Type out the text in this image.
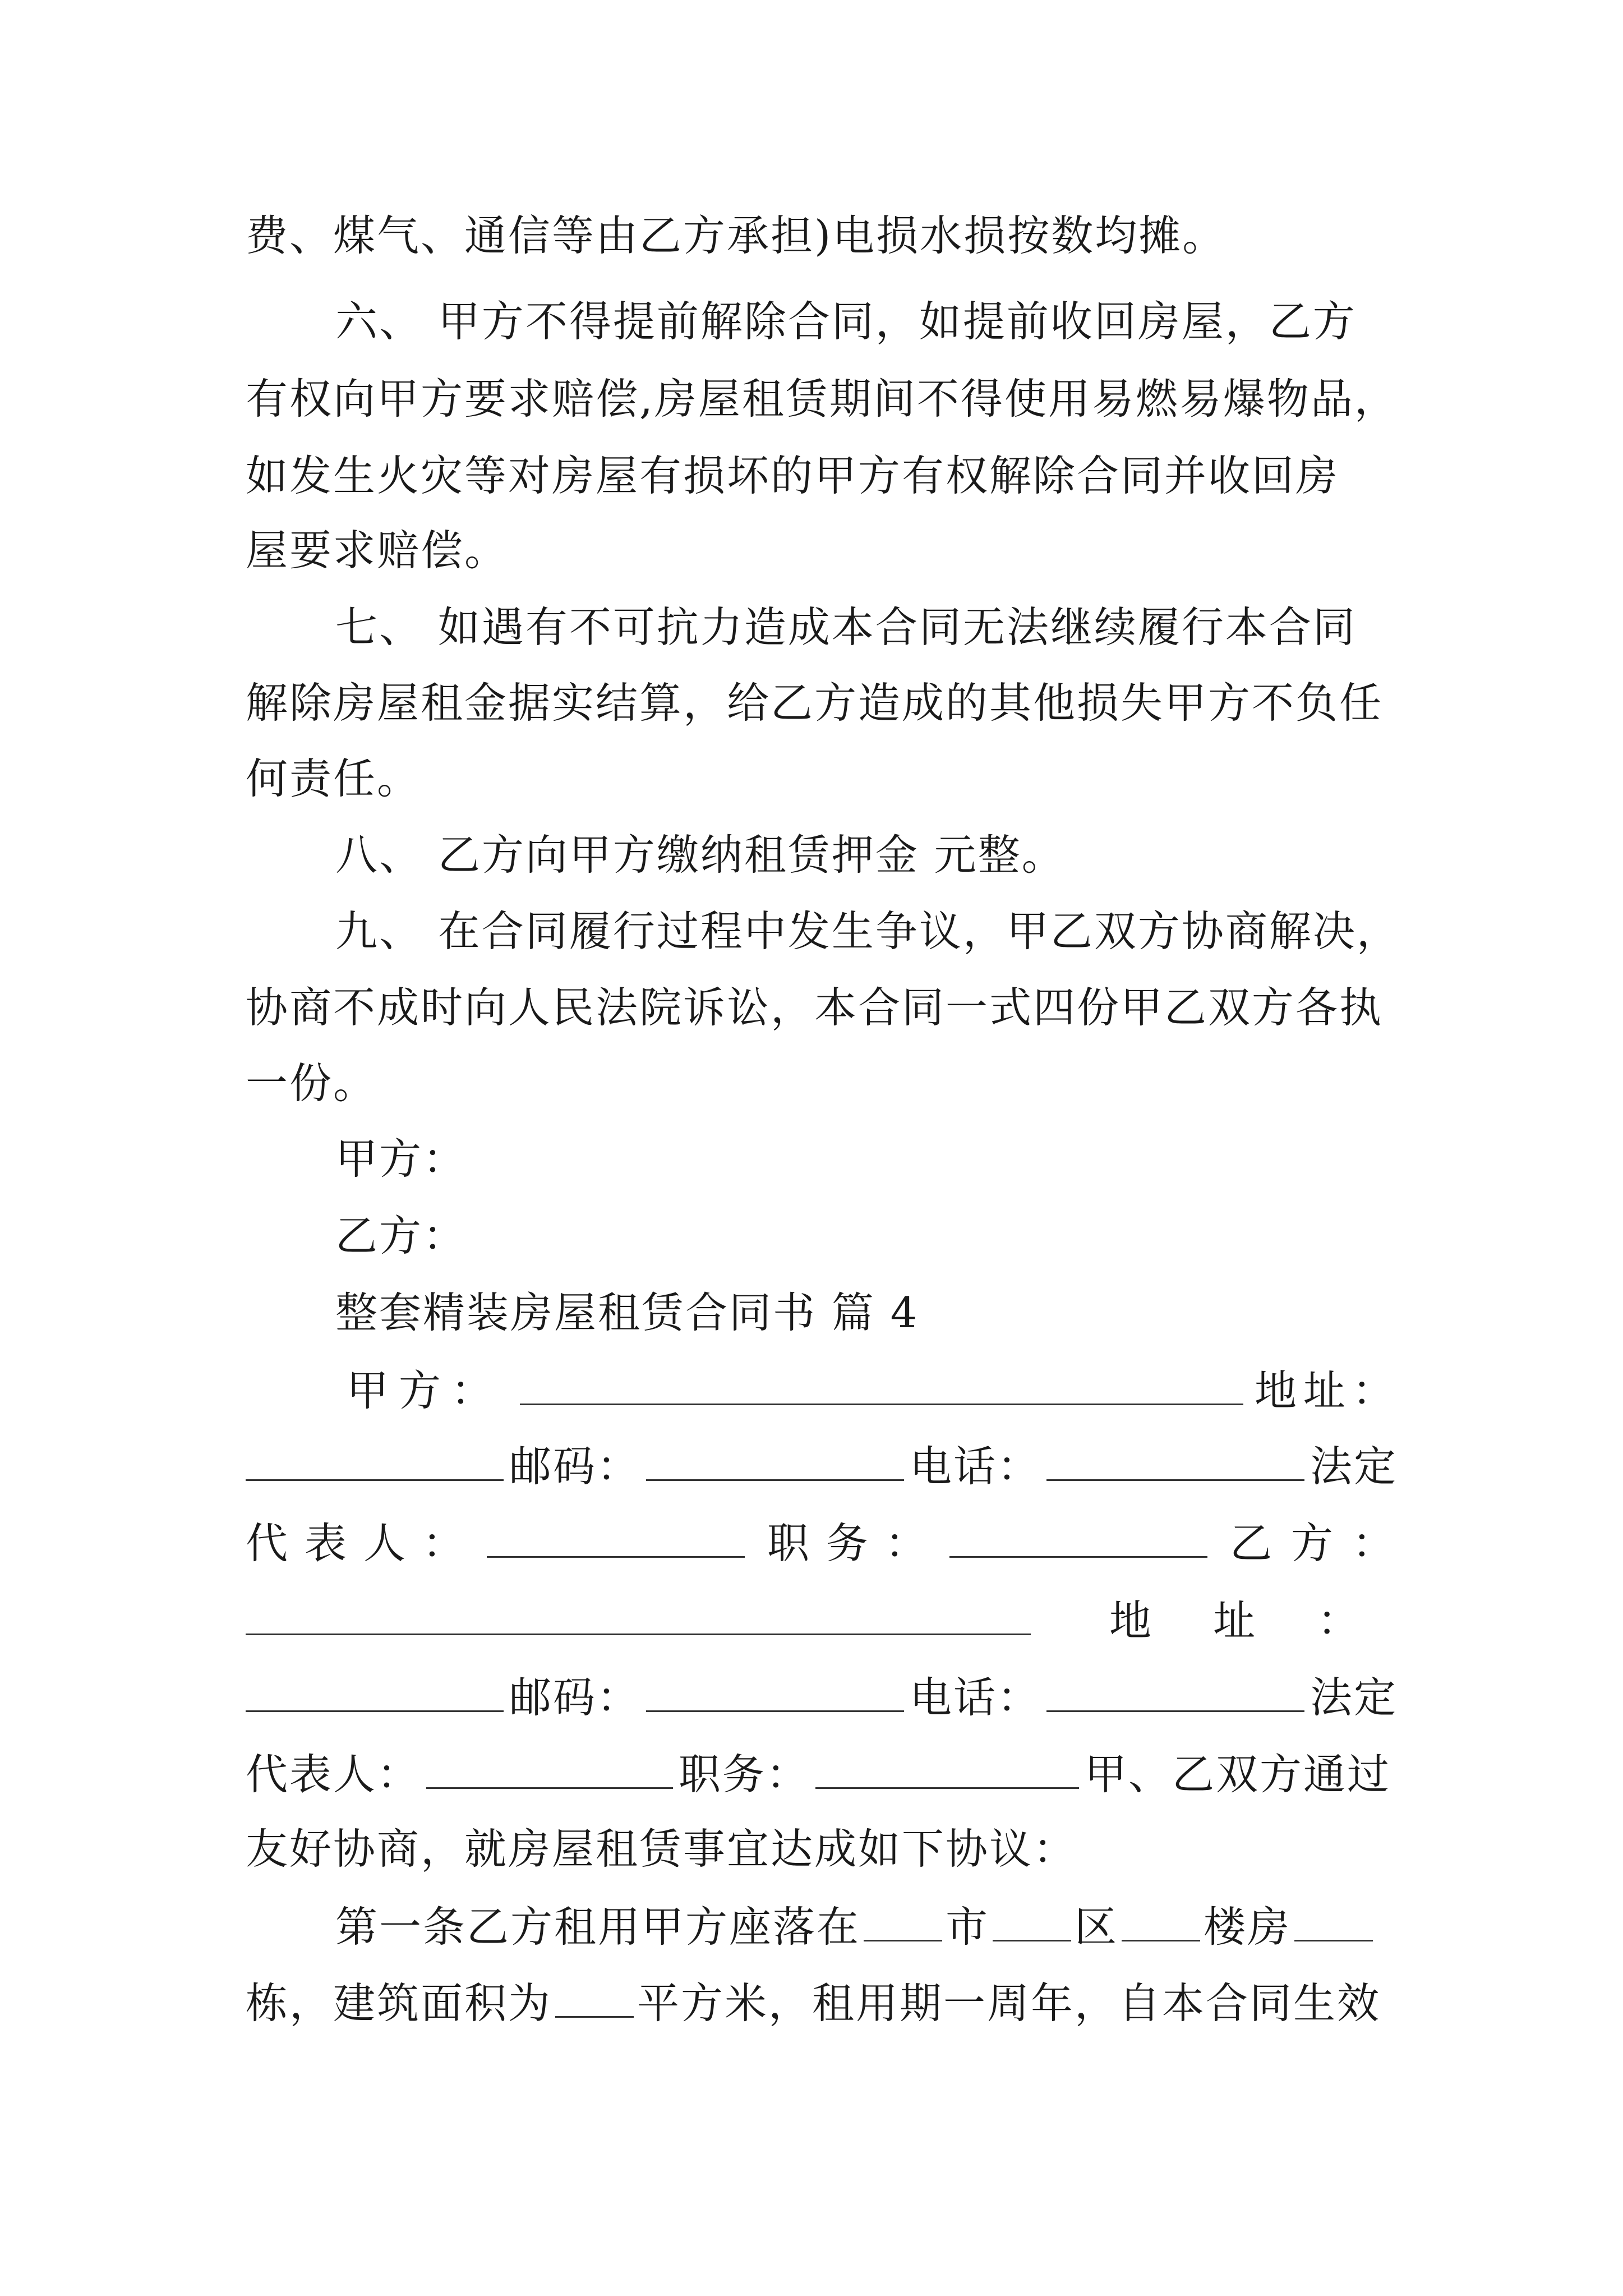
费、煤气、通信等由乙方承担)电损水损按数均摊。
六、 甲方不得提前解除合同，如提前收回房屋，乙方
有权向甲方要求赔偿,房屋租赁期间不得使用易燃易爆物品，
如发生火灾等对房屋有损坏的甲方有权解除合同并收回房
屋要求赔偿。
七、 如遇有不可抗力造成本合同无法继续履行本合同
解除房屋租金据实结算，给乙方造成的其他损失甲方不负任
何责任。
八、 乙方向甲方缴纳租赁押金 元整。
九、 在合同履行过程中发生争议，甲乙双方协商解决，
协商不成时向人民法院诉讼，本合同一式四份甲乙双方各执
一份。
甲方：
乙方：
整套精装房屋租赁合同书 篇 4
甲方：	地址：
邮码：	电话：	法定
代表人：	职务：	乙方：
地    址    ：
邮码：	电话：	法定
代表人：	职务：	甲、乙双方通过
友好协商，就房屋租赁事宜达成如下协议：
第一条乙方租用甲方座落在 市 区 楼房
栋，建筑面积为 平方米，租用期一周年，自本合同生效
